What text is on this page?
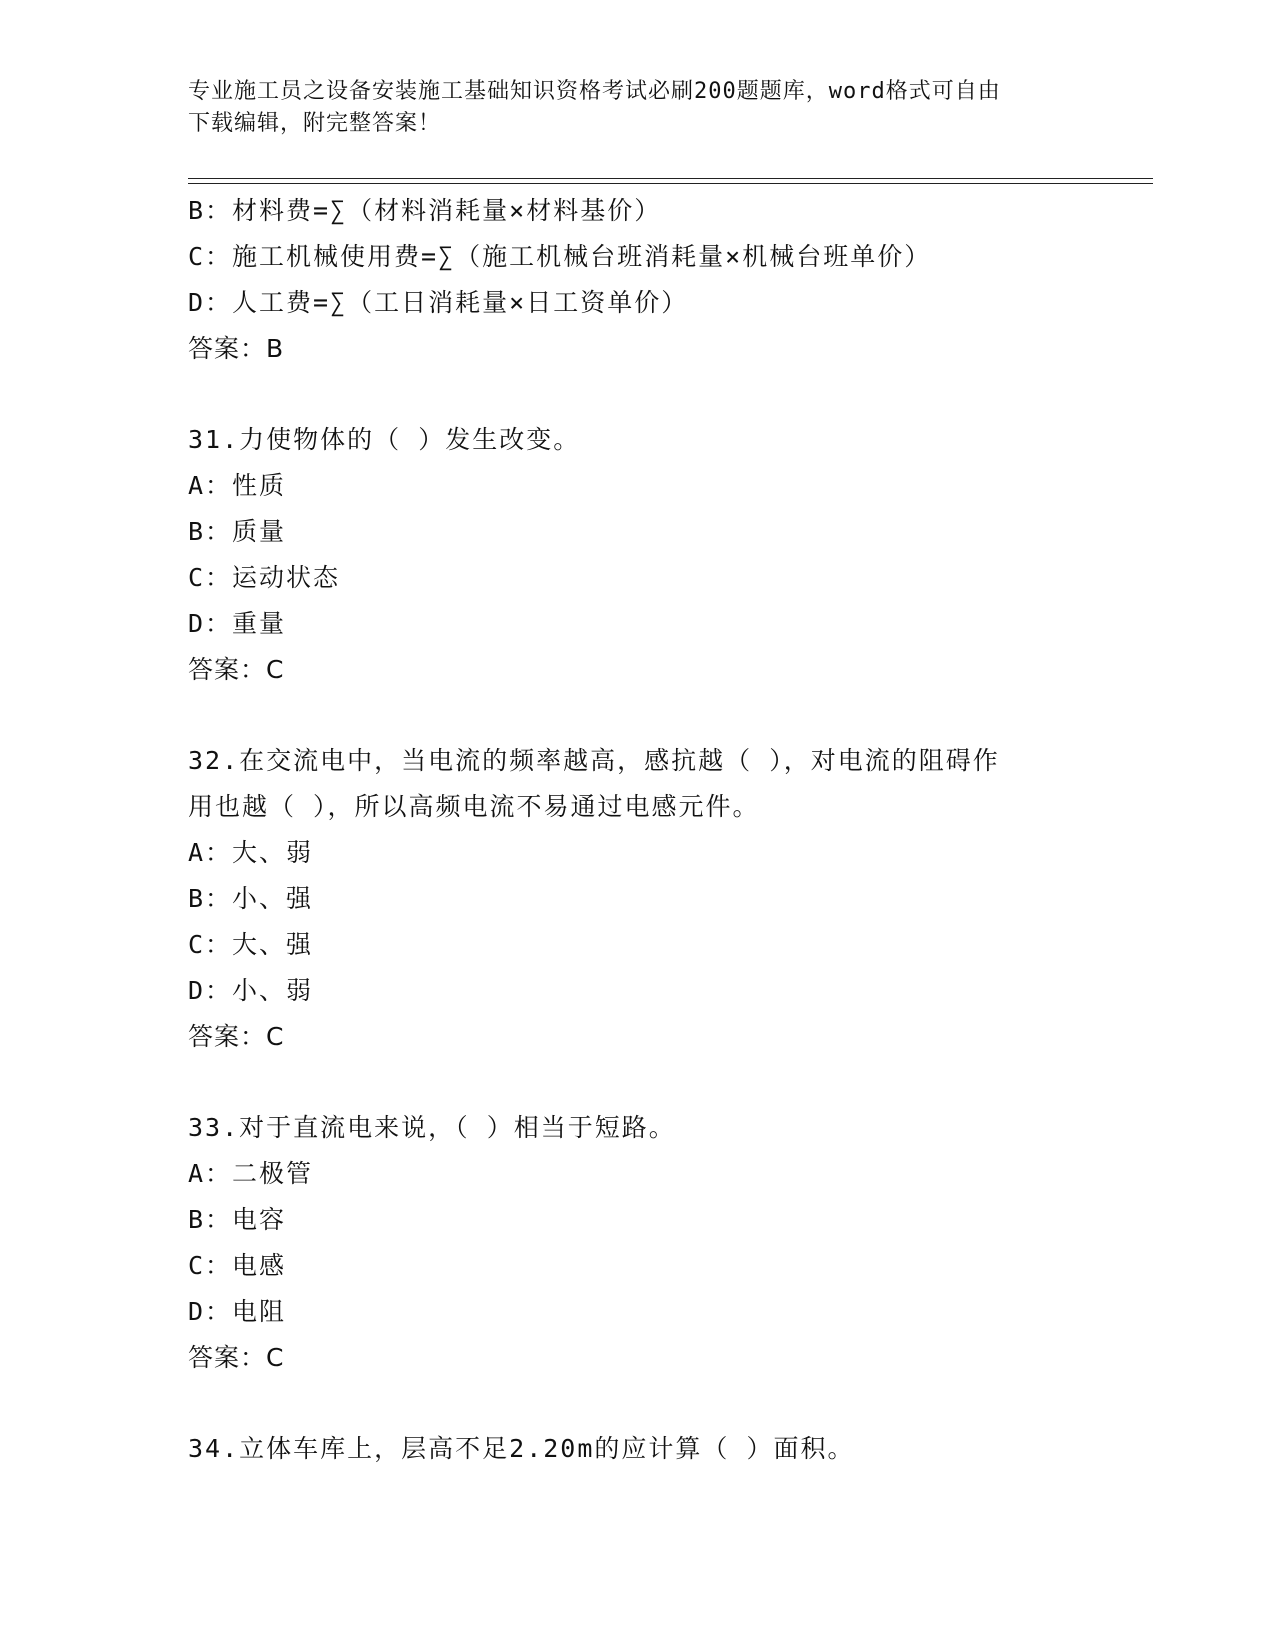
专业施工员之设备安装施工基础知识资格考试必刷200题题库，word格式可自由
下载编辑，附完整答案！
B：材料费=∑（材料消耗量×材料基价）
C：施工机械使用费=∑（施工机械台班消耗量×机械台班单价）
D：人工费=∑（工日消耗量×日工资单价）
答案：B
31.力使物体的（ ）发生改变。
A：性质
B：质量
C：运动状态
D：重量
答案：C
32.在交流电中，当电流的频率越高，感抗越（ ），对电流的阻碍作
用也越（ ），所以高频电流不易通过电感元件。
A：大、弱
B：小、强
C：大、强
D：小、弱
答案：C
33.对于直流电来说，（ ）相当于短路。
A：二极管
B：电容
C：电感
D：电阻
答案：C
34.立体车库上，层高不足2.20m的应计算（ ）面积。
